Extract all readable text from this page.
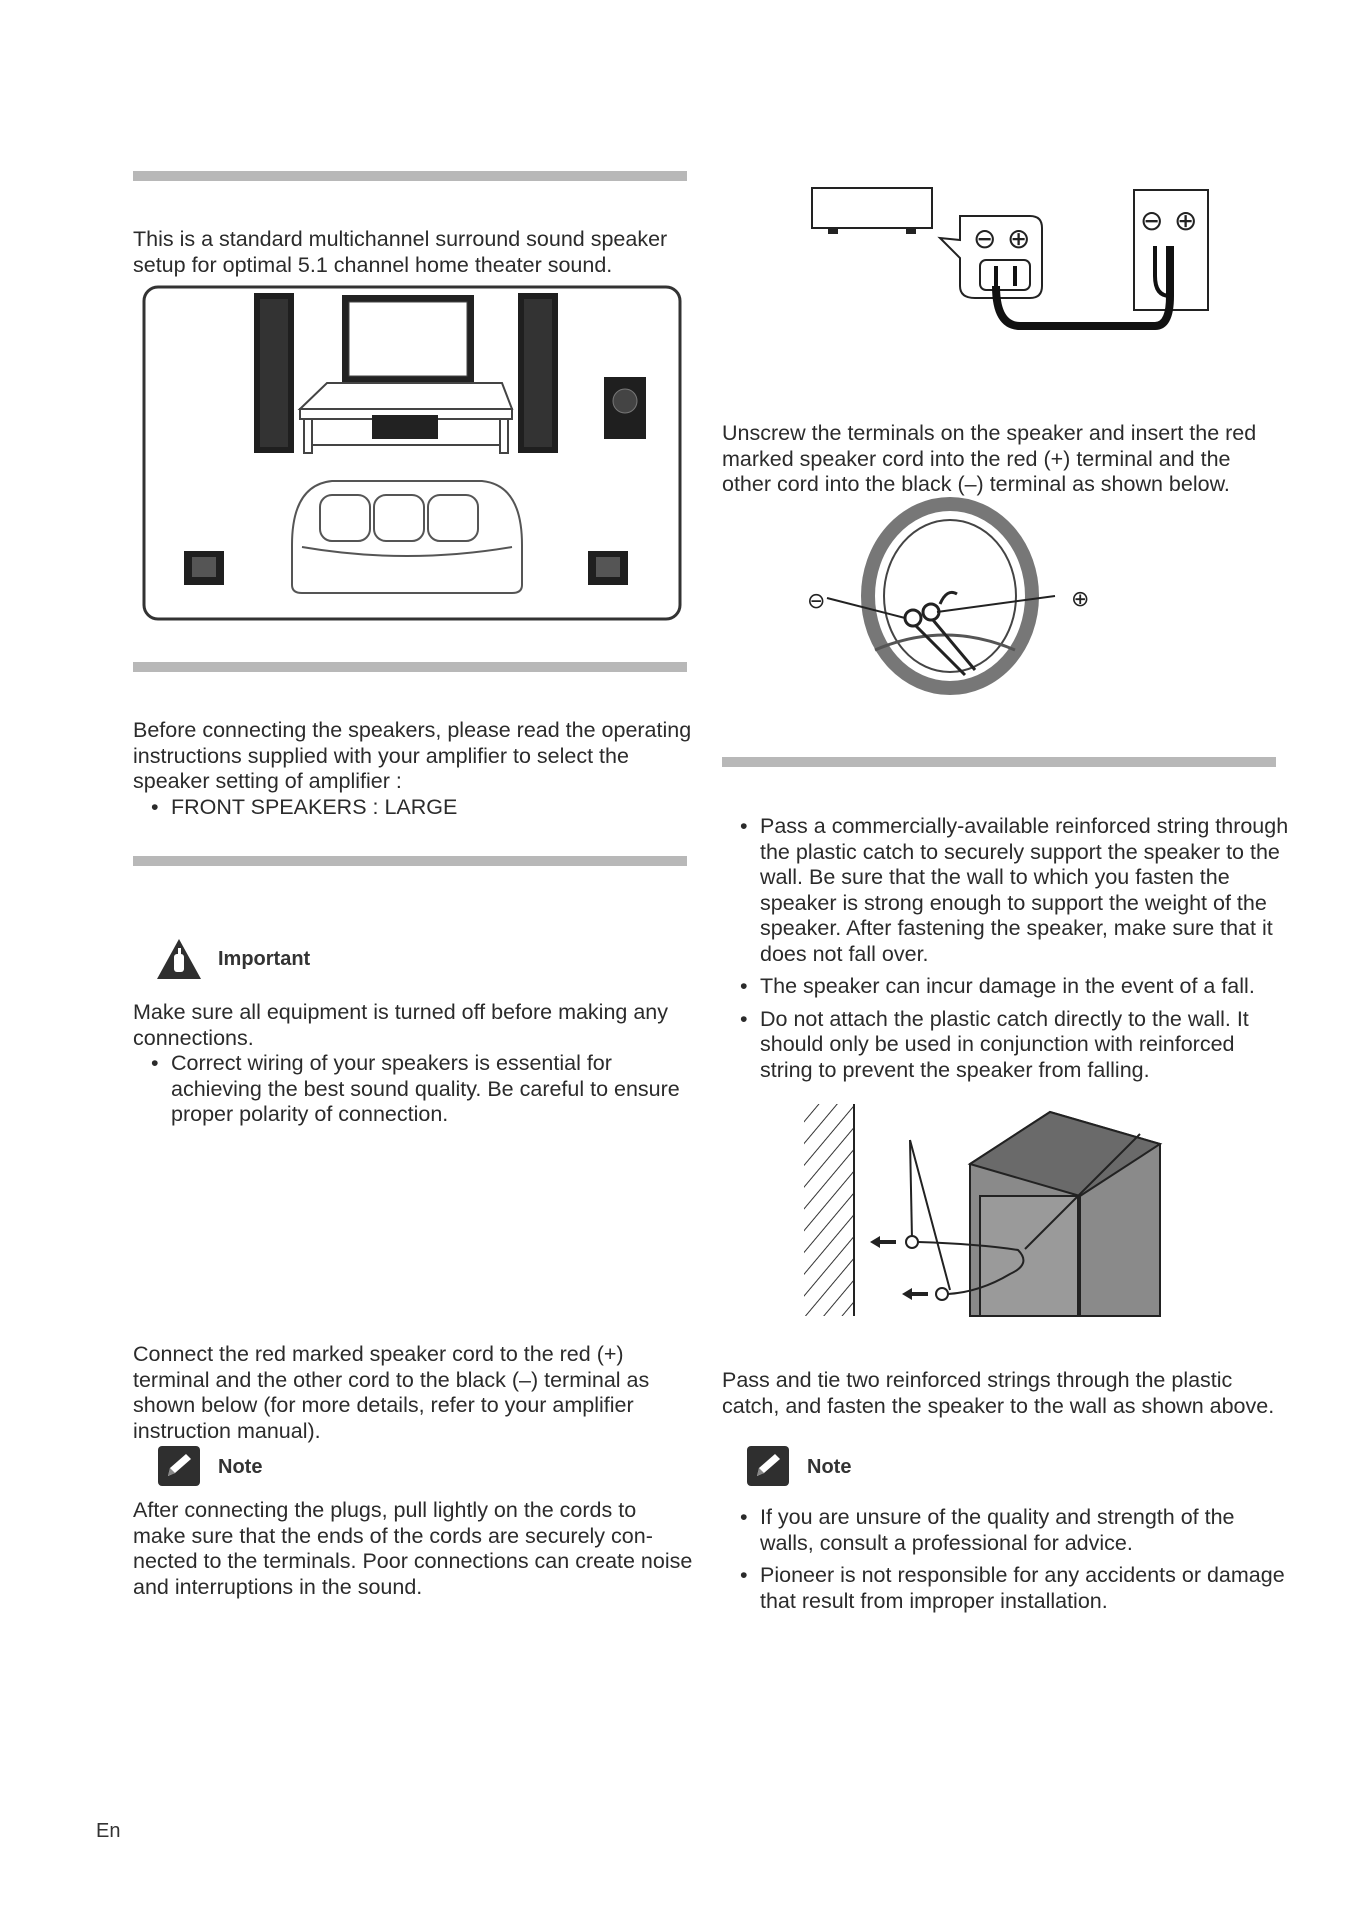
This is a standard multichannel surround sound speaker setup for optimal 5.1 channel home theater sound.

Before connecting the speakers, please read the operating instructions supplied with your amplifier to select the speaker setting of amplifier :

• FRONT SPEAKERS : LARGE
Important

Make sure all equipment is turned off before making any connections.

• Correct wiring of your speakers is essential for achieving the best sound quality. Be careful to ensure proper polarity of connection.

Connect the red marked speaker cord to the red (+) terminal and the other cord to the black (–) terminal as shown below (for more details, refer to your amplifier instruction manual).

Note

After connecting the plugs, pull lightly on the cords to make sure that the ends of the cords are securely con-nected to the terminals. Poor connections can create noise and interruptions in the sound.

⊖ ⊕
⊖ ⊕

Unscrew the terminals on the speaker and insert the red marked speaker cord into the red (+) terminal and the other cord into the black (–) terminal as shown below.

⊖	⊕
• Pass a commercially-available reinforced string through the plastic catch to securely support the speaker to the wall. Be sure that the wall to which you fasten the speaker is strong enough to support the weight of the speaker. After fastening the speaker, make sure that it does not fall over.
• The speaker can incur damage in the event of a fall.
• Do not attach the plastic catch directly to the wall. It should only be used in conjunction with reinforced string to prevent the speaker from falling.

Pass and tie two reinforced strings through the plastic catch, and fasten the speaker to the wall as shown above.

Note
• If you are unsure of the quality and strength of the walls, consult a professional for advice.
• Pioneer is not responsible for any accidents or damage that result from improper installation.
En
